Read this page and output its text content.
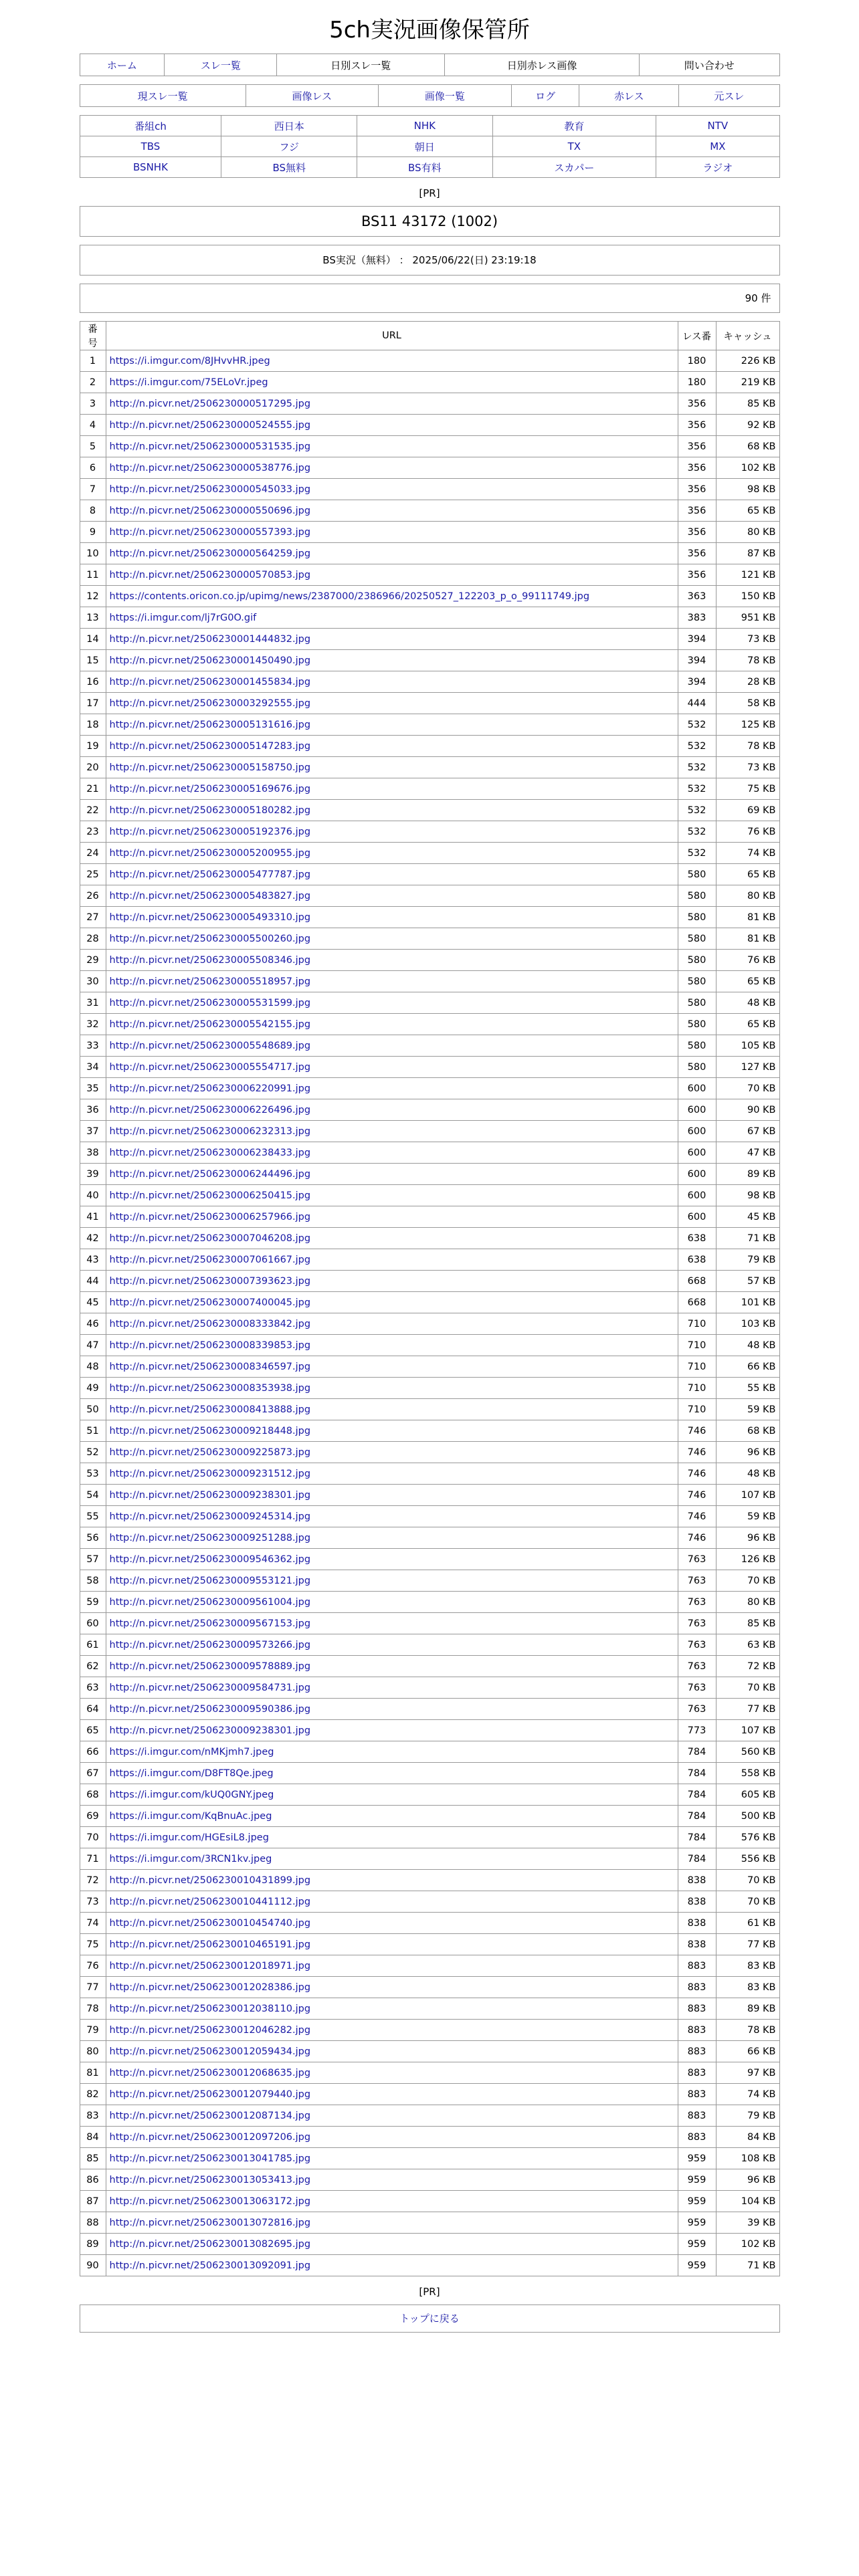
5ch実況画像保管所
ホーム	スレ一覧	日別スレ一覧	日別赤レス画像	問い合わせ
現スレ一覧	画像レス	画像一覧	ログ	赤レス	元スレ
番組ch	西日本	NHK	教育	NTV
TBS	フジ	朝日	TX	MX
BSNHK	BS無料	BS有料	スカパー	ラジオ
[PR]
BS11 43172 (1002)
BS実況（無料） ： 2025/06/22(日) 23:19:18
90 件
番号	URL	レス番	キャッシュ
1	https://i.imgur.com/8JHvvHR.jpeg	180	226 KB
2	https://i.imgur.com/75ELoVr.jpeg	180	219 KB
3	http://n.picvr.net/2506230000517295.jpg	356	85 KB
4	http://n.picvr.net/2506230000524555.jpg	356	92 KB
5	http://n.picvr.net/2506230000531535.jpg	356	68 KB
6	http://n.picvr.net/2506230000538776.jpg	356	102 KB
7	http://n.picvr.net/2506230000545033.jpg	356	98 KB
8	http://n.picvr.net/2506230000550696.jpg	356	65 KB
9	http://n.picvr.net/2506230000557393.jpg	356	80 KB
10	http://n.picvr.net/2506230000564259.jpg	356	87 KB
11	http://n.picvr.net/2506230000570853.jpg	356	121 KB
12	https://contents.oricon.co.jp/upimg/news/2387000/2386966/20250527_122203_p_o_99111749.jpg	363	150 KB
13	https://i.imgur.com/lj7rG0O.gif	383	951 KB
14	http://n.picvr.net/2506230001444832.jpg	394	73 KB
15	http://n.picvr.net/2506230001450490.jpg	394	78 KB
16	http://n.picvr.net/2506230001455834.jpg	394	28 KB
17	http://n.picvr.net/2506230003292555.jpg	444	58 KB
18	http://n.picvr.net/2506230005131616.jpg	532	125 KB
19	http://n.picvr.net/2506230005147283.jpg	532	78 KB
20	http://n.picvr.net/2506230005158750.jpg	532	73 KB
21	http://n.picvr.net/2506230005169676.jpg	532	75 KB
22	http://n.picvr.net/2506230005180282.jpg	532	69 KB
23	http://n.picvr.net/2506230005192376.jpg	532	76 KB
24	http://n.picvr.net/2506230005200955.jpg	532	74 KB
25	http://n.picvr.net/2506230005477787.jpg	580	65 KB
26	http://n.picvr.net/2506230005483827.jpg	580	80 KB
27	http://n.picvr.net/2506230005493310.jpg	580	81 KB
28	http://n.picvr.net/2506230005500260.jpg	580	81 KB
29	http://n.picvr.net/2506230005508346.jpg	580	76 KB
30	http://n.picvr.net/2506230005518957.jpg	580	65 KB
31	http://n.picvr.net/2506230005531599.jpg	580	48 KB
32	http://n.picvr.net/2506230005542155.jpg	580	65 KB
33	http://n.picvr.net/2506230005548689.jpg	580	105 KB
34	http://n.picvr.net/2506230005554717.jpg	580	127 KB
35	http://n.picvr.net/2506230006220991.jpg	600	70 KB
36	http://n.picvr.net/2506230006226496.jpg	600	90 KB
37	http://n.picvr.net/2506230006232313.jpg	600	67 KB
38	http://n.picvr.net/2506230006238433.jpg	600	47 KB
39	http://n.picvr.net/2506230006244496.jpg	600	89 KB
40	http://n.picvr.net/2506230006250415.jpg	600	98 KB
41	http://n.picvr.net/2506230006257966.jpg	600	45 KB
42	http://n.picvr.net/2506230007046208.jpg	638	71 KB
43	http://n.picvr.net/2506230007061667.jpg	638	79 KB
44	http://n.picvr.net/2506230007393623.jpg	668	57 KB
45	http://n.picvr.net/2506230007400045.jpg	668	101 KB
46	http://n.picvr.net/2506230008333842.jpg	710	103 KB
47	http://n.picvr.net/2506230008339853.jpg	710	48 KB
48	http://n.picvr.net/2506230008346597.jpg	710	66 KB
49	http://n.picvr.net/2506230008353938.jpg	710	55 KB
50	http://n.picvr.net/2506230008413888.jpg	710	59 KB
51	http://n.picvr.net/2506230009218448.jpg	746	68 KB
52	http://n.picvr.net/2506230009225873.jpg	746	96 KB
53	http://n.picvr.net/2506230009231512.jpg	746	48 KB
54	http://n.picvr.net/2506230009238301.jpg	746	107 KB
55	http://n.picvr.net/2506230009245314.jpg	746	59 KB
56	http://n.picvr.net/2506230009251288.jpg	746	96 KB
57	http://n.picvr.net/2506230009546362.jpg	763	126 KB
58	http://n.picvr.net/2506230009553121.jpg	763	70 KB
59	http://n.picvr.net/2506230009561004.jpg	763	80 KB
60	http://n.picvr.net/2506230009567153.jpg	763	85 KB
61	http://n.picvr.net/2506230009573266.jpg	763	63 KB
62	http://n.picvr.net/2506230009578889.jpg	763	72 KB
63	http://n.picvr.net/2506230009584731.jpg	763	70 KB
64	http://n.picvr.net/2506230009590386.jpg	763	77 KB
65	http://n.picvr.net/2506230009238301.jpg	773	107 KB
66	https://i.imgur.com/nMKjmh7.jpeg	784	560 KB
67	https://i.imgur.com/D8FT8Qe.jpeg	784	558 KB
68	https://i.imgur.com/kUQ0GNY.jpeg	784	605 KB
69	https://i.imgur.com/KqBnuAc.jpeg	784	500 KB
70	https://i.imgur.com/HGEsiL8.jpeg	784	576 KB
71	https://i.imgur.com/3RCN1kv.jpeg	784	556 KB
72	http://n.picvr.net/2506230010431899.jpg	838	70 KB
73	http://n.picvr.net/2506230010441112.jpg	838	70 KB
74	http://n.picvr.net/2506230010454740.jpg	838	61 KB
75	http://n.picvr.net/2506230010465191.jpg	838	77 KB
76	http://n.picvr.net/2506230012018971.jpg	883	83 KB
77	http://n.picvr.net/2506230012028386.jpg	883	83 KB
78	http://n.picvr.net/2506230012038110.jpg	883	89 KB
79	http://n.picvr.net/2506230012046282.jpg	883	78 KB
80	http://n.picvr.net/2506230012059434.jpg	883	66 KB
81	http://n.picvr.net/2506230012068635.jpg	883	97 KB
82	http://n.picvr.net/2506230012079440.jpg	883	74 KB
83	http://n.picvr.net/2506230012087134.jpg	883	79 KB
84	http://n.picvr.net/2506230012097206.jpg	883	84 KB
85	http://n.picvr.net/2506230013041785.jpg	959	108 KB
86	http://n.picvr.net/2506230013053413.jpg	959	96 KB
87	http://n.picvr.net/2506230013063172.jpg	959	104 KB
88	http://n.picvr.net/2506230013072816.jpg	959	39 KB
89	http://n.picvr.net/2506230013082695.jpg	959	102 KB
90	http://n.picvr.net/2506230013092091.jpg	959	71 KB
[PR]
トップに戻る
